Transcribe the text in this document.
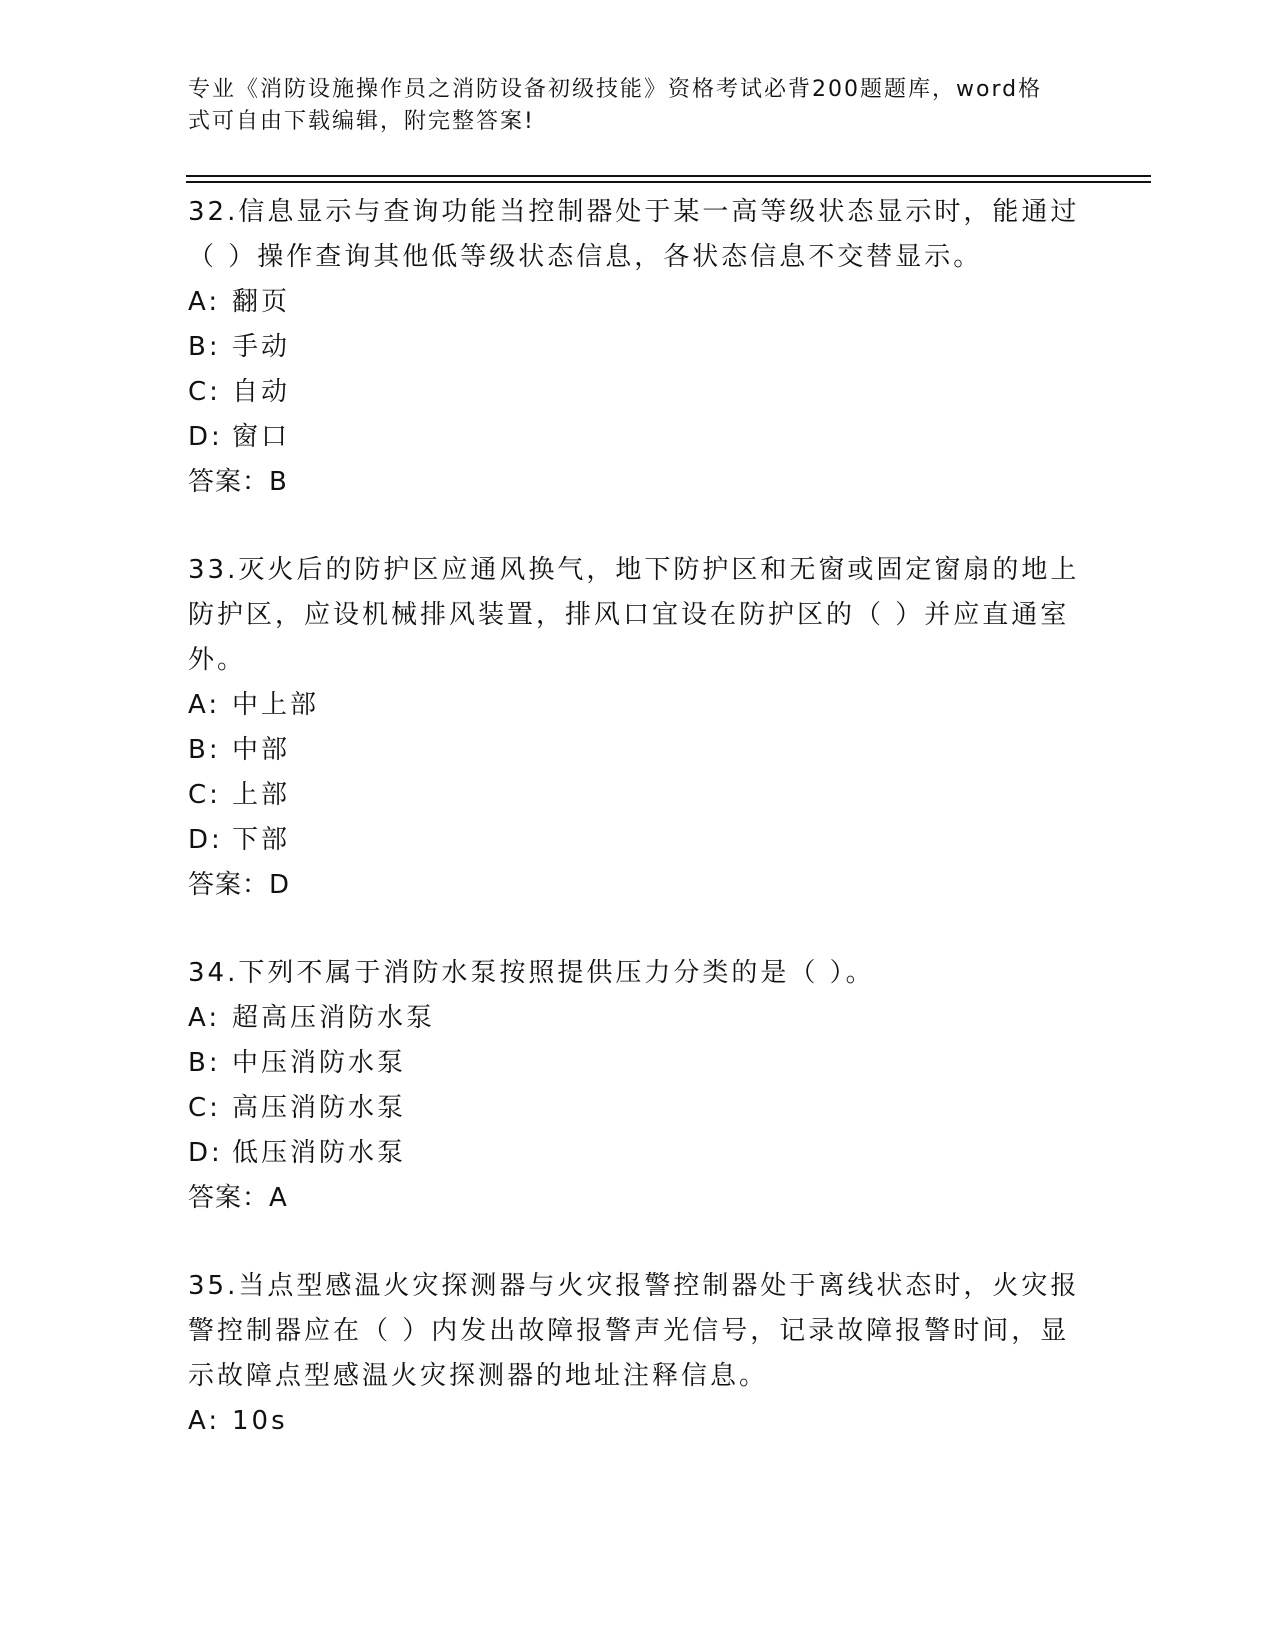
专业《消防设施操作员之消防设备初级技能》资格考试必背200题题库，word格
式可自由下载编辑，附完整答案!
32.信息显示与查询功能当控制器处于某一高等级状态显示时，能通过（ ）操作查询其他低等级状态信息，各状态信息不交替显示。
A: 翻页
B: 手动
C: 自动
D: 窗口
答案：B
33.灭火后的防护区应通风换气，地下防护区和无窗或固定窗扇的地上防护区，应设机械排风装置，排风口宜设在防护区的（ ）并应直通室外。
A: 中上部
B: 中部
C: 上部
D: 下部
答案：D
34.下列不属于消防水泵按照提供压力分类的是（ ）。
A: 超高压消防水泵
B: 中压消防水泵
C: 高压消防水泵
D: 低压消防水泵
答案：A
35.当点型感温火灾探测器与火灾报警控制器处于离线状态时，火灾报警控制器应在（ ）内发出故障报警声光信号，记录故障报警时间，显示故障点型感温火灾探测器的地址注释信息。
A: 10s
